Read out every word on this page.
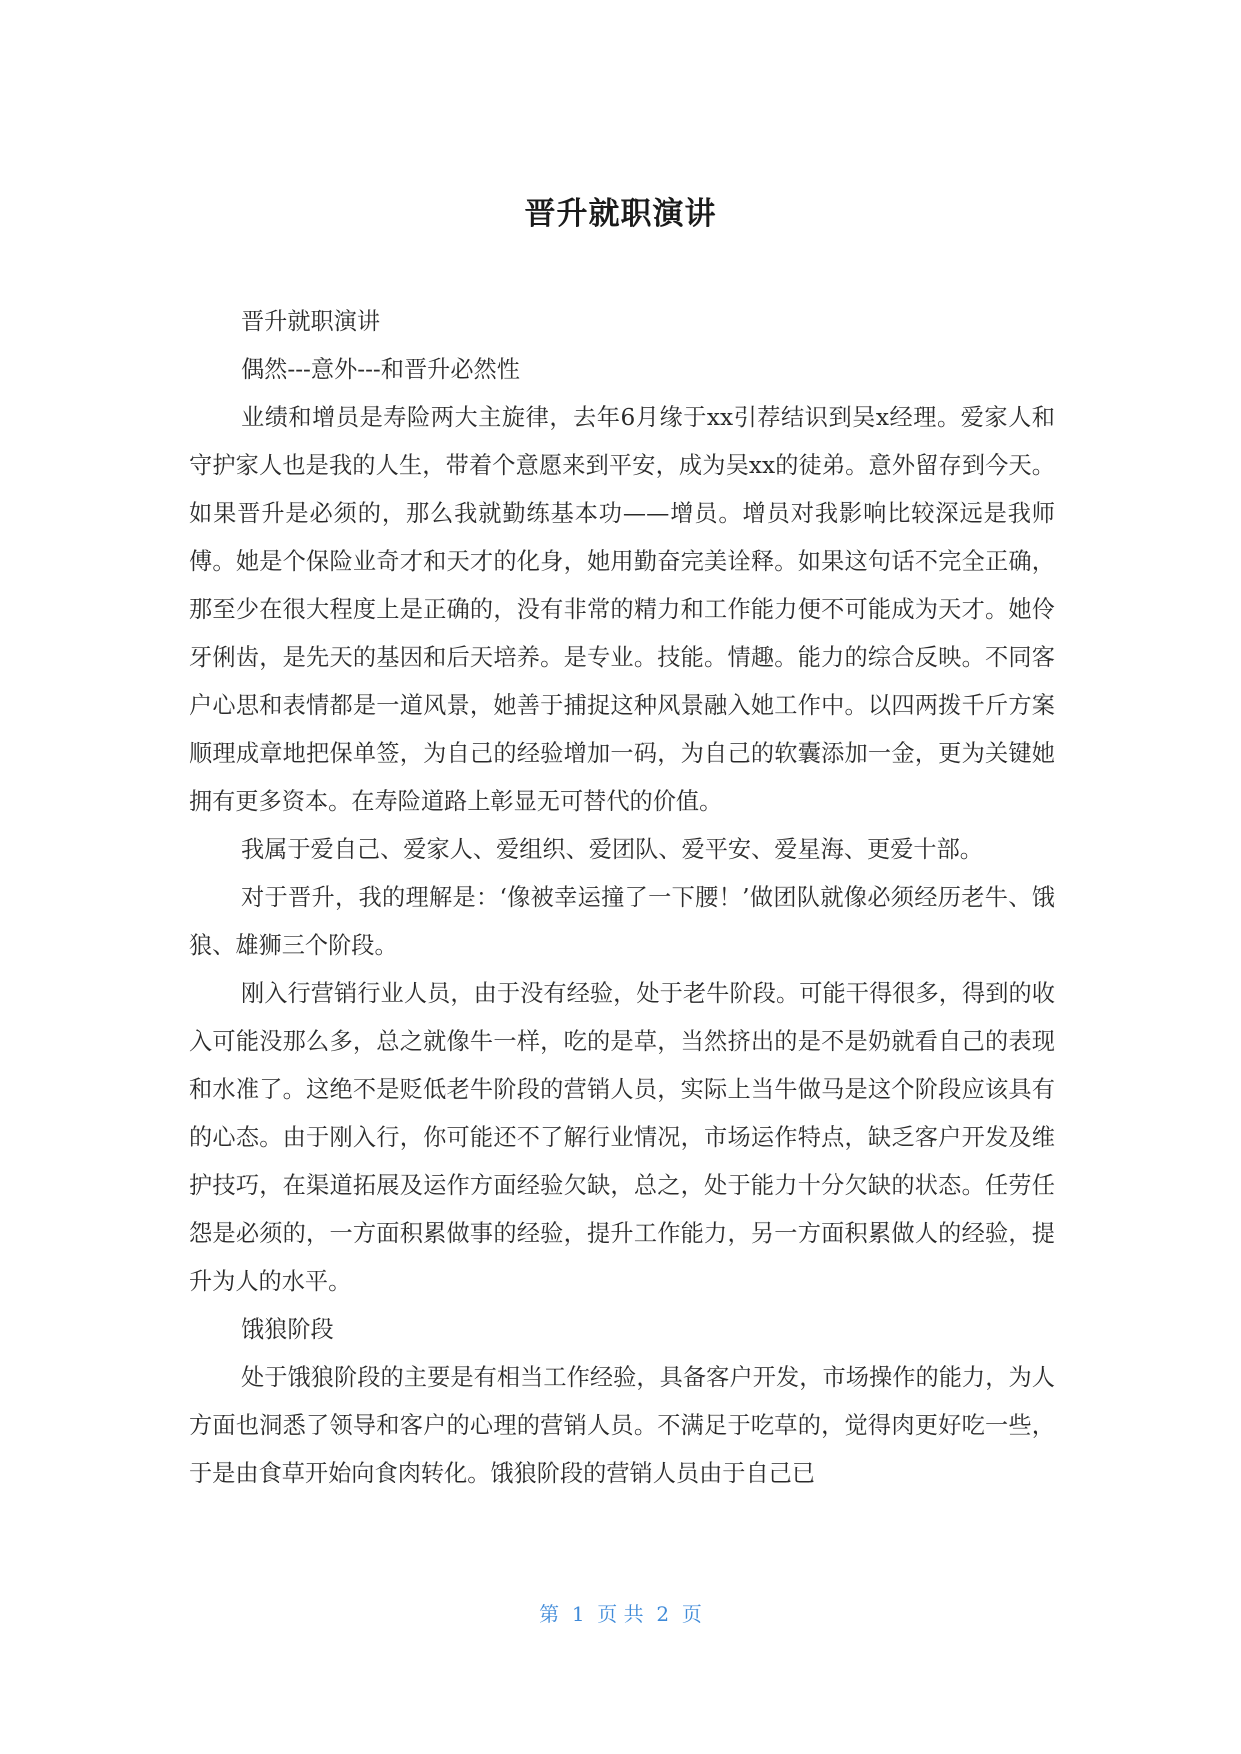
晋升就职演讲

晋升就职演讲

偶然---意外---和晋升必然性

业绩和增员是寿险两大主旋律，去年6月缘于xx引荐结识到吴x经理。爱家人和守护家人也是我的人生，带着个意愿来到平安，成为吴xx的徒弟。意外留存到今天。如果晋升是必须的，那么我就勤练基本功——增员。增员对我影响比较深远是我师傅。她是个保险业奇才和天才的化身，她用勤奋完美诠释。如果这句话不完全正确，那至少在很大程度上是正确的，没有非常的精力和工作能力便不可能成为天才。她伶牙俐齿，是先天的基因和后天培养。是专业。技能。情趣。能力的综合反映。不同客户心思和表情都是一道风景，她善于捕捉这种风景融入她工作中。以四两拨千斤方案顺理成章地把保单签，为自己的经验增加一码，为自己的软囊添加一金，更为关键她拥有更多资本。在寿险道路上彰显无可替代的价值。

我属于爱自己、爱家人、爱组织、爱团队、爱平安、爱星海、更爱十部。

对于晋升，我的理解是：‘像被幸运撞了一下腰！’做团队就像必须经历老牛、饿狼、雄狮三个阶段。

刚入行营销行业人员，由于没有经验，处于老牛阶段。可能干得很多，得到的收入可能没那么多，总之就像牛一样，吃的是草，当然挤出的是不是奶就看自己的表现和水准了。这绝不是贬低老牛阶段的营销人员，实际上当牛做马是这个阶段应该具有的心态。由于刚入行，你可能还不了解行业情况，市场运作特点，缺乏客户开发及维护技巧，在渠道拓展及运作方面经验欠缺，总之，处于能力十分欠缺的状态。任劳任怨是必须的，一方面积累做事的经验，提升工作能力，另一方面积累做人的经验，提升为人的水平。

饿狼阶段

处于饿狼阶段的主要是有相当工作经验，具备客户开发，市场操作的能力，为人方面也洞悉了领导和客户的心理的营销人员。不满足于吃草的，觉得肉更好吃一些，于是由食草开始向食肉转化。饿狼阶段的营销人员由于自己已

第  1  页 共  2  页
